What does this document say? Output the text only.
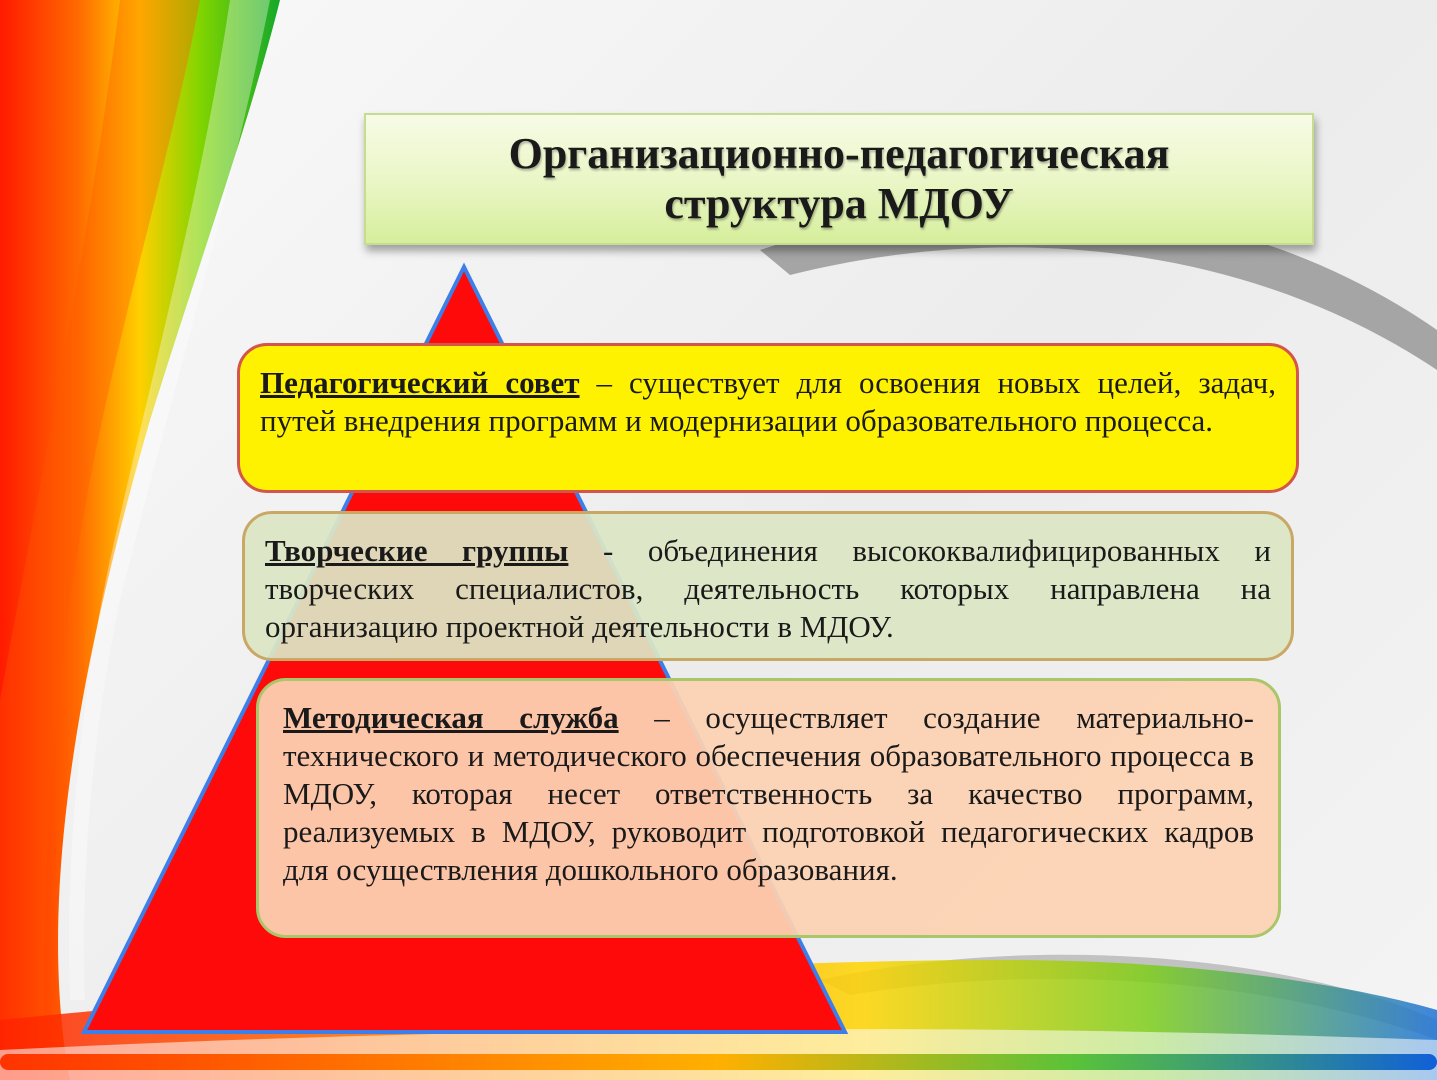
Организационно-педагогическая
структура МДОУ
Педагогический совет – существует для освоения новых целей, задач, путей внедрения программ и модернизации образовательного процесса.
Творческие группы - объединения высококвалифицированных и творческих специалистов, деятельность которых направлена на организацию проектной деятельности в МДОУ.
Методическая служба – осуществляет создание материально-технического и методического обеспечения образовательного процесса в МДОУ, которая несет ответственность за качество программ, реализуемых в МДОУ, руководит подготовкой педагогических кадров для осуществления дошкольного образования.
